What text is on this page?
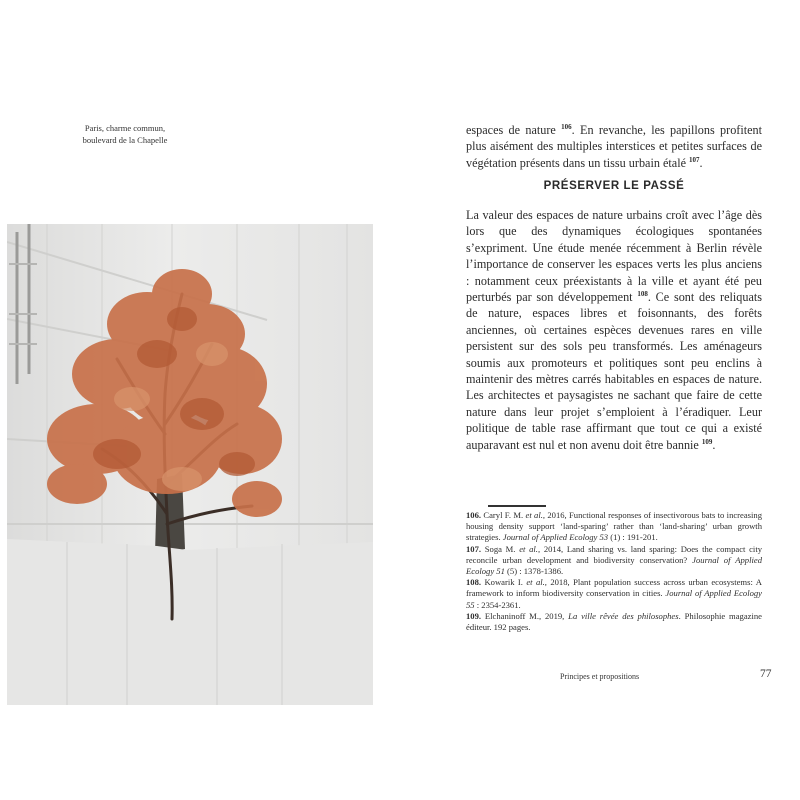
Paris, charme commun,
boulevard de la Chapelle
espaces de nature $^{106}$. En revanche, les papillons profitent plus aisément des multiples interstices et petites surfaces de végétation présents dans un tissu urbain étalé $^{107}$.
PRÉSERVER LE PASSÉ
La valeur des espaces de nature urbains croît avec l’âge dès lors que des dynamiques écologiques spontanées s’expriment. Une étude menée récemment à Berlin révèle l’importance de conserver les espaces verts les plus anciens : notamment ceux préexistants à la ville et ayant été peu perturbés par son développement $^{108}$. Ce sont des reliquats de nature, espaces libres et foisonnants, des forêts anciennes, où certaines espèces devenues rares en ville persistent sur des sols peu transformés. Les aménageurs soumis aux promoteurs et politiques sont peu enclins à maintenir des mètres carrés habitables en espaces de nature. Les architectes et paysagistes ne sachant que faire de cette nature dans leur projet s’emploient à l’éradiquer. Leur politique de table rase affirmant que tout ce qui a existé auparavant est nul et non avenu doit être bannie $^{109}$.

106. Caryl F. M. et al., 2016, Functional responses of insectivorous bats to increasing housing density support ‘land-sparing’ rather than ‘land-sharing’ urban growth strategies. Journal of Applied Ecology 53 (1) : 191-201.

107. Soga M. et al., 2014, Land sharing vs. land sparing: Does the compact city reconcile urban development and biodiversity conservation? Journal of Applied Ecology 51 (5) : 1378-1386.

108. Kowarik I. et al., 2018, Plant population success across urban ecosystems: A framework to inform biodiversity conservation in cities. Journal of Applied Ecology 55 : 2354-2361.

109. Elchaninoff M., 2019, La ville rêvée des philosophes. Philosophie magazine éditeur. 192 pages.

Principes et propositions	77
